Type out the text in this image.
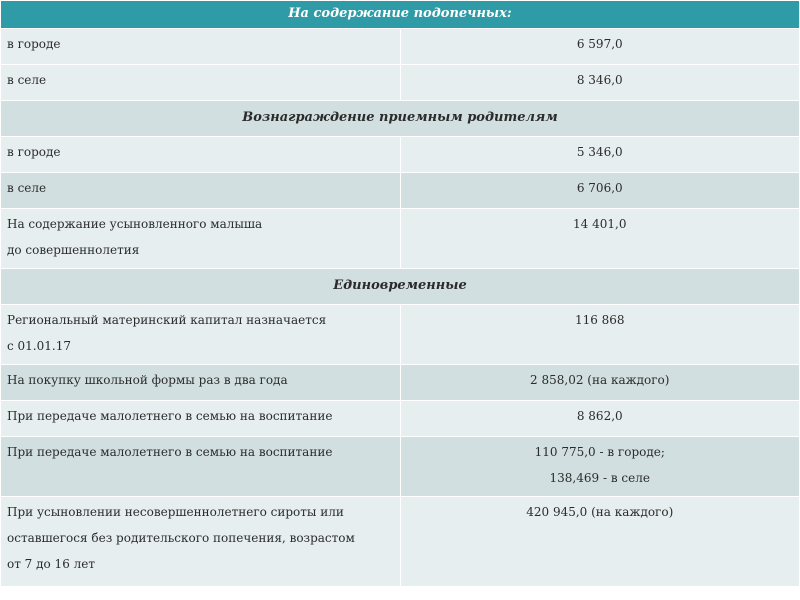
На содержание подопечных:	

в городе	6 597,0

в селе	8 346,0

Вознаграждение приемным родителям	

в городе	5 346,0

в селе	6 706,0

На содержание усыновленного малыша
до совершеннолетия	14 401,0

Единовременные	

Региональный материнский капитал назначается
с 01.01.17	116 868

На покупку школьной формы раз в два года	2 858,02 (на каждого)

При передаче малолетнего в семью на воспитание	8 862,0

При передаче малолетнего в семью на воспитание	110 775,0 - в городе;
138,469 - в селе

При усыновлении несовершеннолетнего сироты или
оставшегося без родительского попечения, возрастом
от 7 до 16 лет	420 945,0 (на каждого)
